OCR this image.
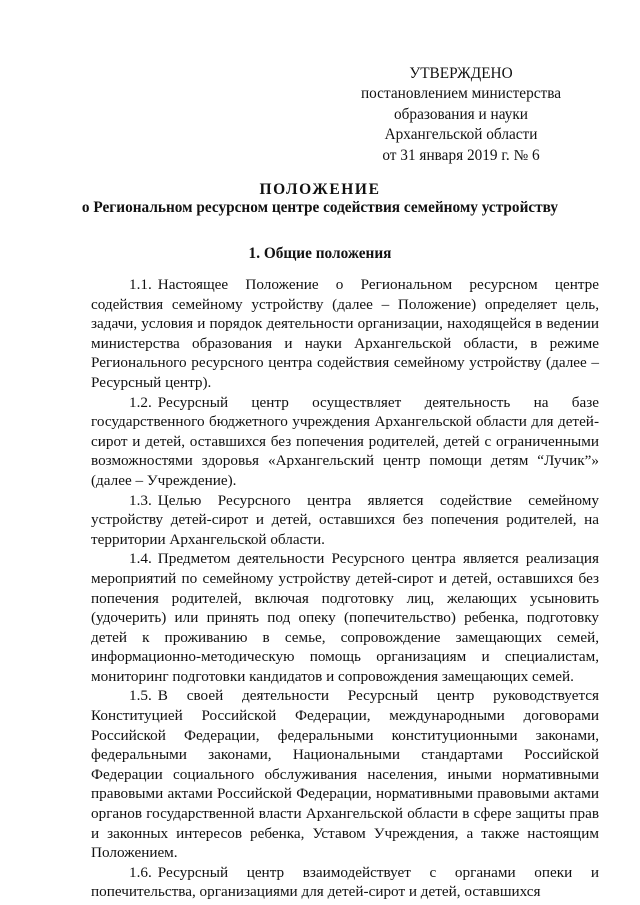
УТВЕРЖДЕНО
постановлением министерства
образования и науки
Архангельской области
от 31 января 2019 г. № 6
ПОЛОЖЕНИЕ
о Региональном ресурсном центре содействия семейному устройству
1. Общие положения

1.1. Настоящее Положение о Региональном ресурсном центре содействия семейному устройству (далее – Положение) определяет цель, задачи, условия и порядок деятельности организации, находящейся в ведении министерства образования и науки Архангельской области, в режиме Регионального ресурсного центра содействия семейному устройству (далее – Ресурсный центр).

1.2. Ресурсный центр осуществляет деятельность на базе государственного бюджетного учреждения Архангельской области для детей-сирот и детей, оставшихся без попечения родителей, детей с ограниченными возможностями здоровья «Архангельский центр помощи детям “Лучик”» (далее – Учреждение).

1.3. Целью Ресурсного центра является содействие семейному устройству детей-сирот и детей, оставшихся без попечения родителей, на территории Архангельской области.

1.4. Предметом деятельности Ресурсного центра является реализация мероприятий по семейному устройству детей-сирот и детей, оставшихся без попечения родителей, включая подготовку лиц, желающих усыновить (удочерить) или принять под опеку (попечительство) ребенка, подготовку детей к проживанию в семье, сопровождение замещающих семей, информационно-методическую помощь организациям и специалистам, мониторинг подготовки кандидатов и сопровождения замещающих семей.

1.5. В своей деятельности Ресурсный центр руководствуется Конституцией Российской Федерации, международными договорами Российской Федерации, федеральными конституционными законами, федеральными законами, Национальными стандартами Российской Федерации социального обслуживания населения, иными нормативными правовыми актами Российской Федерации, нормативными правовыми актами органов государственной власти Архангельской области в сфере защиты прав и законных интересов ребенка, Уставом Учреждения, а также настоящим Положением.

1.6. Ресурсный центр взаимодействует с органами опеки и попечительства, организациями для детей-сирот и детей, оставшихся
